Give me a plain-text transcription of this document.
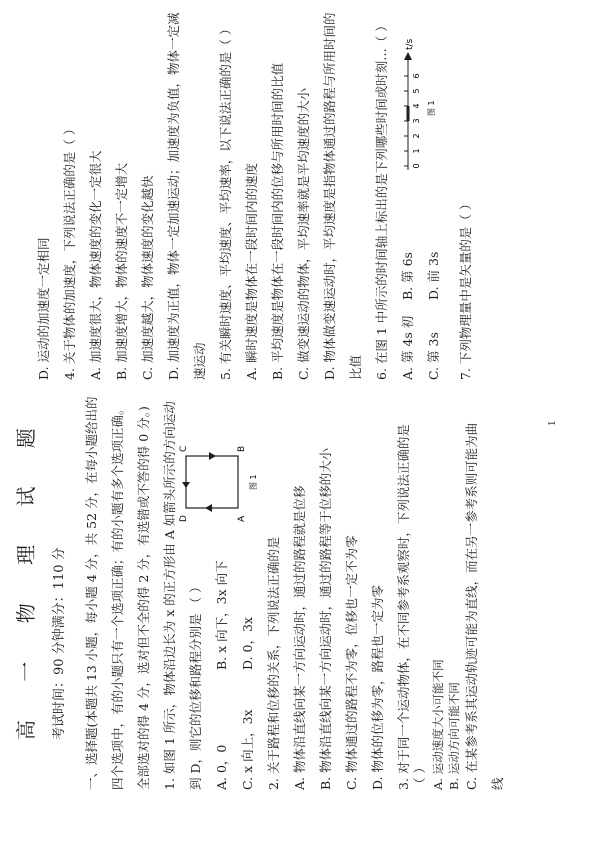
高 一 物 理 试 题 考试时间：90 分钟满分：110 分 一、选择题(本题共 13 小题，每小题 4 分，共 52 分，在每小题给出的 四个选项中，有的小题只有一个选项正确；有的小题有多个选项正确。 全部选对的得 4 分，选对但不全的得 2 分，有选错或不答的得 0 分。) 1. 如图 1 所示，物体沿边长为 x 的正方形由 A 如箭头所示的方向运动 到 D，则它的位移和路程分别是 （ ） A. 0，0
B. x 向下，3x 向下
C. x 向上，3x
D. 0，3x
D
C	B
A
图 1
2. 关于路程和位移的关系，下列说法正确的是 A. 物体沿直线向某一方向运动时，通过的路程就是位移 B. 物体沿直线向某一方向运动时，通过的路程等于位移的大小 C. 物体通过的路程不为零，位移也一定不为零 D. 物体的位移为零，路程也一定为零 3. 对于同一个运动物体，在不同参考系观察时，下列说法正确的是 （ ） A. 运动速度大小可能不同 B. 运动方向可能不同 C. 在某参考系其运动轨迹可能为直线，而在另一参考系则可能为曲 线
1
D. 运动的加速度一定相同 4. 关于物体的加速度，下列说法正确的是（ ） A. 加速度很大，物体速度的变化一定很大 B. 加速度增大，物体的速度不一定增大 C. 加速度越大，物体速度的变化越快 D. 加速度为正值，物体一定加速运动；加速度为负值，物体一定减 速运动 5. 有关瞬时速度、平均速度、平均速率，以下说法正确的是（ ） A. 瞬时速度是物体在一段时间内的速度 B. 平均速度是物体在一段时间内的位移与所用时间的比值 C. 做变速运动的物体，平均速率就是平均速度的大小 D. 物体做变速运动时，平均速度是指物体通过的路程与所用时间的 比值 6. 在图 1 中所示的时间轴上标出的是下列哪些时间或时刻…（ ） A. 第 4s 初
B. 第 6s
C. 第 3s
D. 前 3s
t/s
0
1
2
3
4
5
6
图 1
7. 下列物理量中是矢量的是（ ）
